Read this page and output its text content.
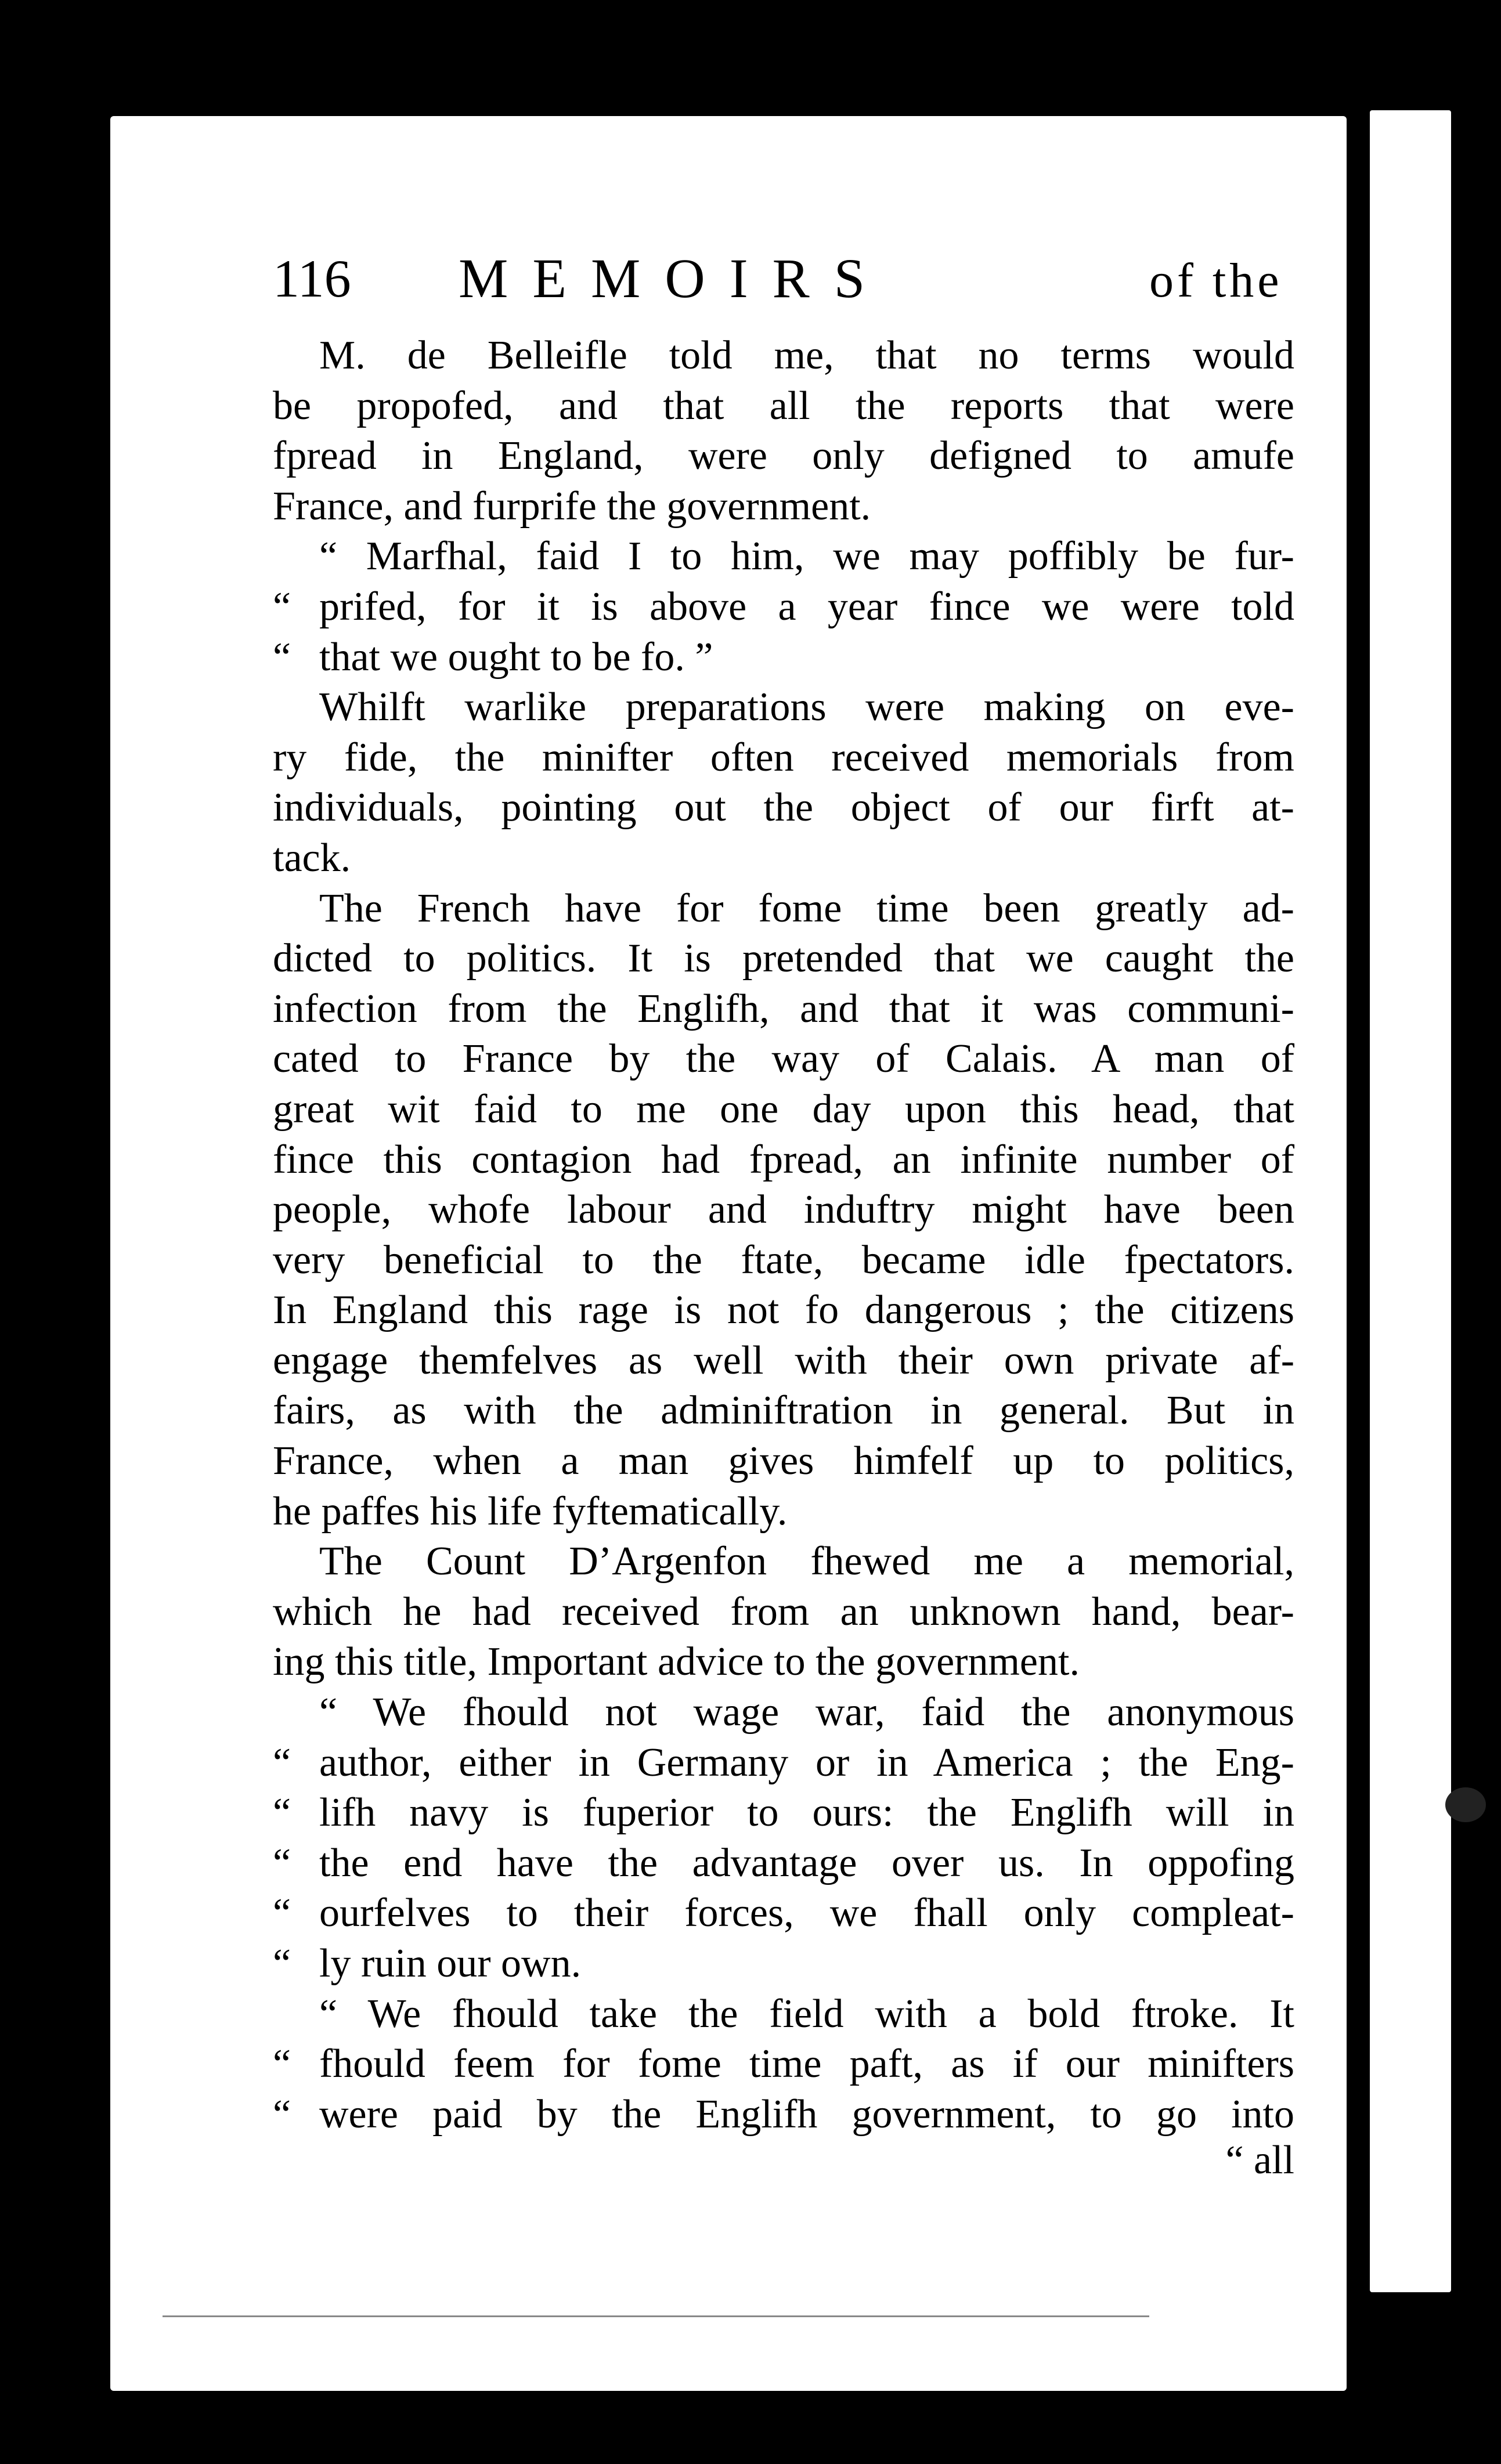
116 MEMOIRS	of the
M. de Belleifle told me, that no terms would
be propofed, and that all the reports that were
fpread in England, were only defigned to amufe
France, and furprife the government.
“ Marfhal, faid I to him, we may poffibly be fur-
“ prifed, for it is above a year fince we were told
“ that we ought to be fo. ”
Whilft warlike preparations were making on eve-
ry fide, the minifter often received memorials from
individuals, pointing out the object of our firft at-
tack.
The French have for fome time been greatly ad-
dicted to politics. It is pretended that we caught the
infection from the Englifh, and that it was communi-
cated to France by the way of Calais. A man of
great wit faid to me one day upon this head, that
fince this contagion had fpread, an infinite number of
people, whofe labour and induftry might have been
very beneficial to the ftate, became idle fpectators.
In England this rage is not fo dangerous ; the citizens
engage themfelves as well with their own private af-
fairs, as with the adminiftration in general. But in
France, when a man gives himfelf up to politics,
he paffes his life fyftematically.
The Count D’Argenfon fhewed me a memorial,
which he had received from an unknown hand, bear-
ing this title, Important advice to the government.
“ We fhould not wage war, faid the anonymous
“ author, either in Germany or in America ; the Eng-
“ lifh navy is fuperior to ours: the Englifh will in
“ the end have the advantage over us. In oppofing
“ ourfelves to their forces, we fhall only compleat-
“ ly ruin our own.
“ We fhould take the field with a bold ftroke. It
“ fhould feem for fome time paft, as if our minifters
“ were paid by the Englifh government, to go into
“ all
